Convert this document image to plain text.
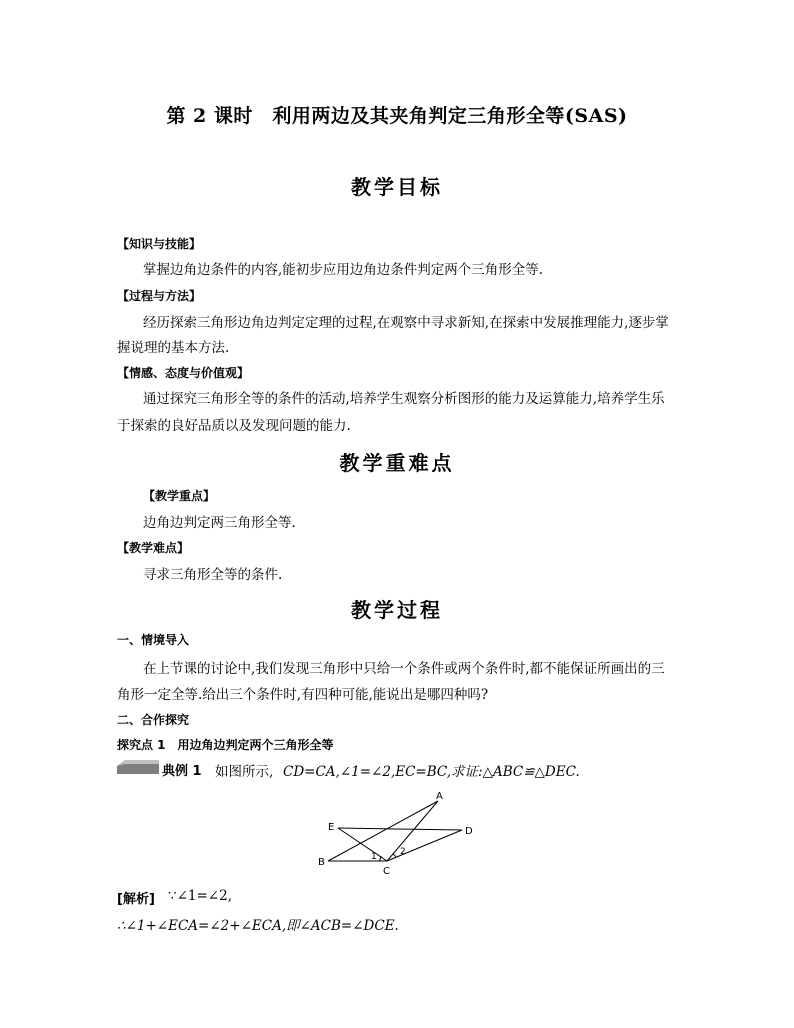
第 2 课时　利用两边及其夹角判定三角形全等(SAS)
教学目标
【知识与技能】
掌握边角边条件的内容,能初步应用边角边条件判定两个三角形全等.
【过程与方法】
经历探索三角形边角边判定定理的过程,在观察中寻求新知,在探索中发展推理能力,逐步掌
握说理的基本方法.
【情感、态度与价值观】
通过探究三角形全等的条件的活动,培养学生观察分析图形的能力及运算能力,培养学生乐
于探索的良好品质以及发现问题的能力.
教学重难点
【教学重点】
边角边判定两三角形全等.
【教学难点】
寻求三角形全等的条件.
教学过程
一、情境导入
在上节课的讨论中,我们发现三角形中只给一个条件或两个条件时,都不能保证所画出的三
角形一定全等.给出三个条件时,有四种可能,能说出是哪四种吗?
二、合作探究
探究点 1　用边角边判定两个三角形全等
典例 1 如图所示, CD=CA,∠1=∠2,EC=BC,求证:△ABC≌△DEC.
A
B
C
D
E
1	2
[解析] ∵∠1=∠2,
∴∠1+∠ECA=∠2+∠ECA,即∠ACB=∠DCE.
